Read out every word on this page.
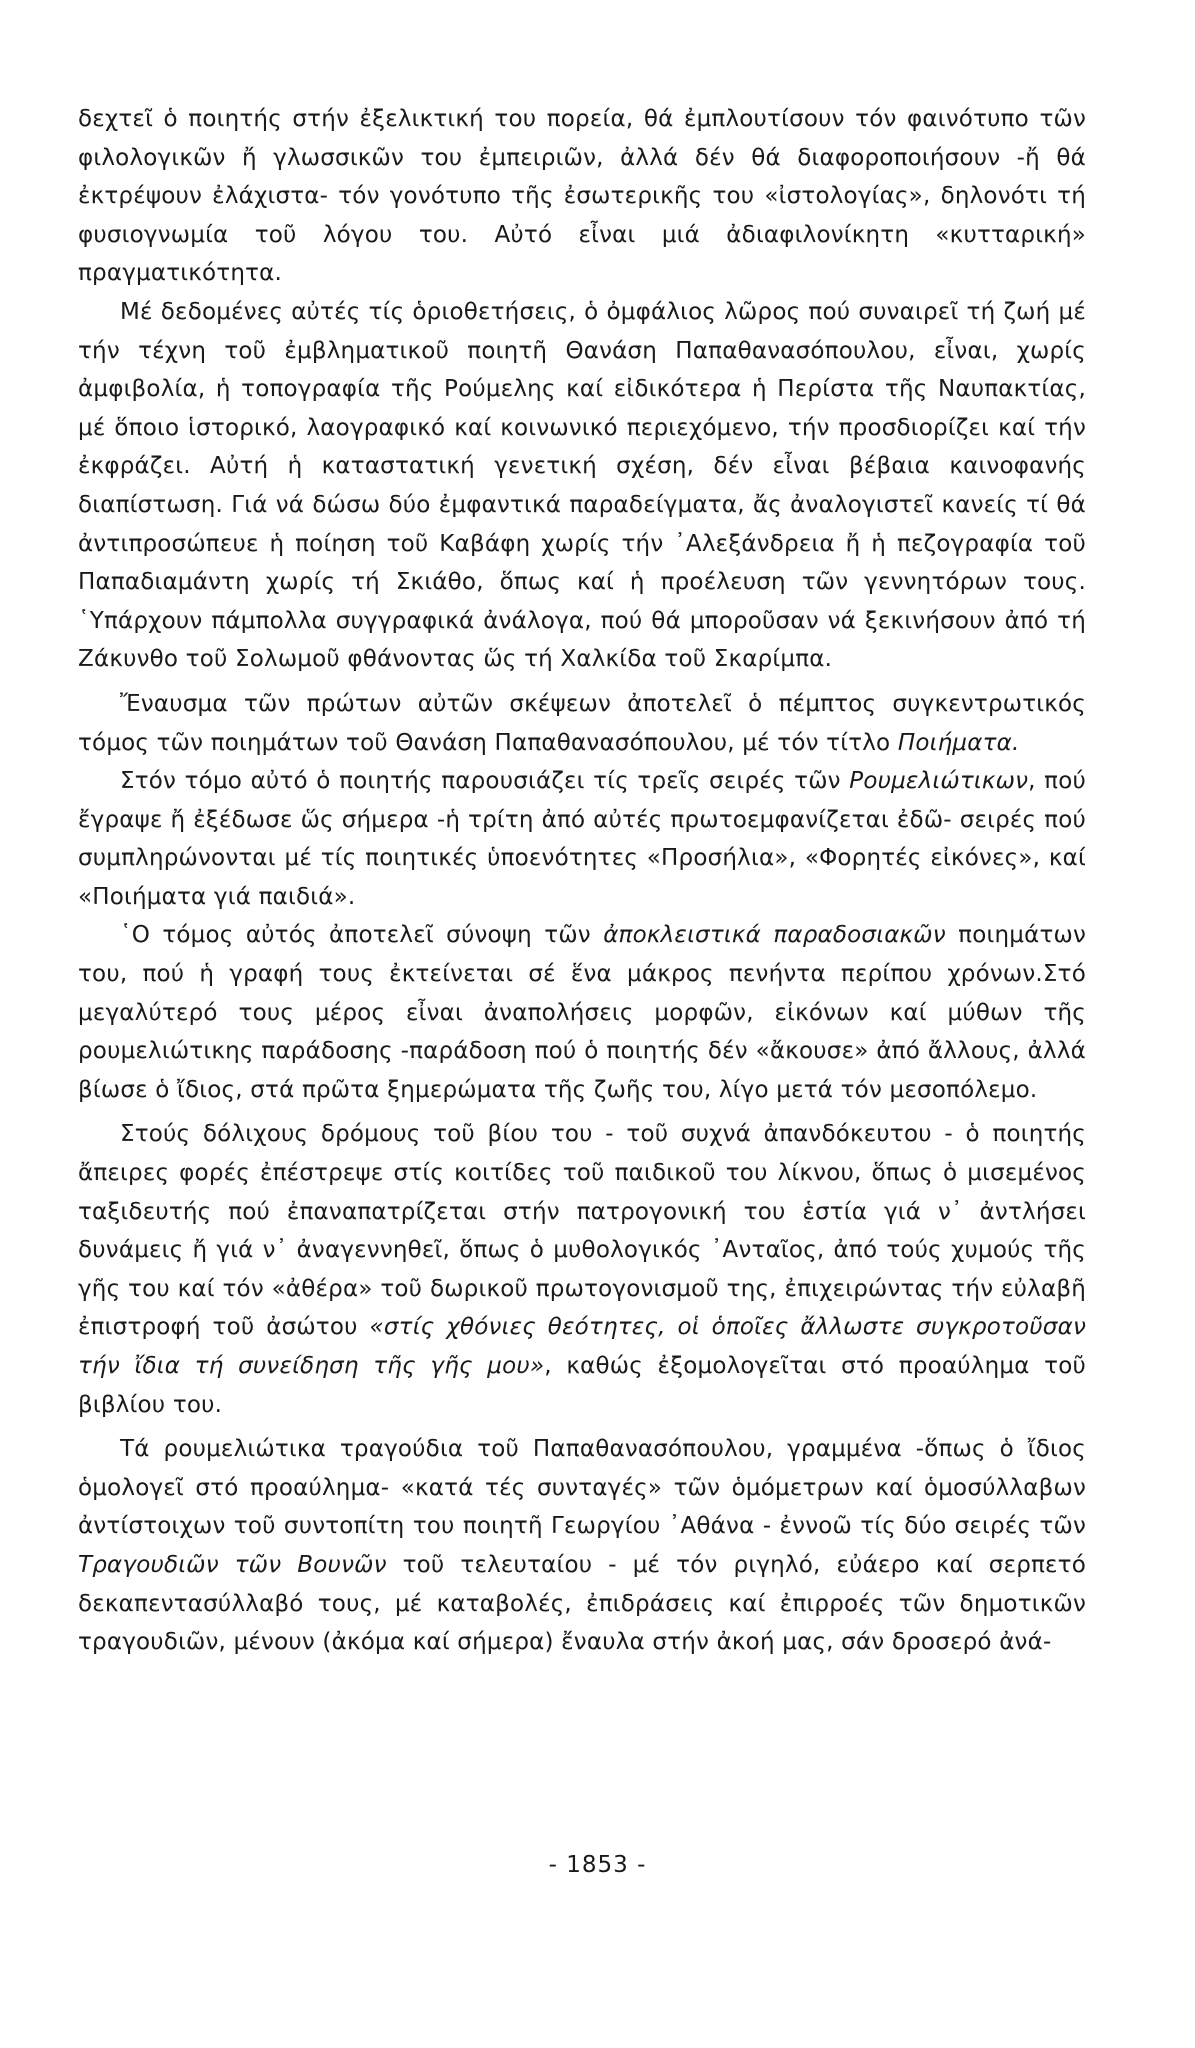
δεχτεῖ ὁ ποιητής στήν ἐξελικτική του πορεία, θά ἐμπλουτίσουν τόν φαινότυπο τῶν φιλολογικῶν ἤ γλωσσικῶν του ἐμπειριῶν, ἀλλά δέν θά διαφοροποιήσουν -ἤ θά ἐκτρέψουν ἐλάχιστα- τόν γονότυπο τῆς ἐσωτερικῆς του «ἰστολογίας», δηλονότι τή φυσιογνωμία τοῦ λόγου του. Αὐτό εἶναι μιά ἀδιαφιλονίκητη «κυτταρική» πραγματικότητα.

Μέ δεδομένες αὐτές τίς ὁριοθετήσεις, ὁ ὀμφάλιος λῶρος πού συναιρεῖ τή ζωή μέ τήν τέχνη τοῦ ἐμβληματικοῦ ποιητῆ Θανάση Παπαθανασόπουλου, εἶναι, χωρίς ἀμφιβολία, ἡ τοπογραφία τῆς Ρούμελης καί εἰδικότερα ἡ Περίστα τῆς Ναυπακτίας, μέ ὅποιο ἱστορικό, λαογραφικό καί κοινωνικό περιεχόμενο, τήν προσδιορίζει καί τήν ἐκφράζει. Αὐτή ἡ καταστατική γενετική σχέση, δέν εἶναι βέβαια καινοφανής διαπίστωση. Γιά νά δώσω δύο ἐμφαντικά παραδείγματα, ἄς ἀναλογιστεῖ κανείς τί θά ἀντιπροσώπευε ἡ ποίηση τοῦ Καβάφη χωρίς τήν ᾿Αλεξάνδρεια ἤ ἡ πεζογραφία τοῦ Παπαδιαμάντη χωρίς τή Σκιάθο, ὅπως καί ἡ προέλευση τῶν γεννητόρων τους. ῾Υπάρχουν πάμπολλα συγγραφικά ἀνάλογα, πού θά μποροῦσαν νά ξεκινήσουν ἀπό τή Ζάκυνθο τοῦ Σολωμοῦ φθάνοντας ὥς τή Χαλκίδα τοῦ Σκαρίμπα.

Ἔναυσμα τῶν πρώτων αὐτῶν σκέψεων ἀποτελεῖ ὁ πέμπτος συγκεντρωτικός τόμος τῶν ποιημάτων τοῦ Θανάση Παπαθανασόπουλου, μέ τόν τίτλο Ποιήματα.

Στόν τόμο αὐτό ὁ ποιητής παρουσιάζει τίς τρεῖς σειρές τῶν Ρουμελιώτικων, πού ἔγραψε ἤ ἐξέδωσε ὥς σήμερα -ἡ τρίτη ἀπό αὐτές πρωτοεμφανίζεται ἐδῶ- σειρές πού συμπληρώνονται μέ τίς ποιητικές ὑποενότητες «Προσήλια», «Φορητές εἰκόνες», καί «Ποιήματα γιά παιδιά».

῾Ο τόμος αὐτός ἀποτελεῖ σύνοψη τῶν ἀποκλειστικά παραδοσιακῶν ποιημάτων του, πού ἡ γραφή τους ἐκτείνεται σέ ἕνα μάκρος πενήντα περίπου χρόνων.Στό μεγαλύτερό τους μέρος εἶναι ἀναπολήσεις μορφῶν, εἰκόνων καί μύθων τῆς ρουμελιώτικης παράδοσης -παράδοση πού ὁ ποιητής δέν «ἄκουσε» ἀπό ἄλλους, ἀλλά βίωσε ὁ ἴδιος, στά πρῶτα ξημερώματα τῆς ζωῆς του, λίγο μετά τόν μεσοπόλεμο.

Στούς δόλιχους δρόμους τοῦ βίου του - τοῦ συχνά ἀπανδόκευτου - ὁ ποιητής ἄπειρες φορές ἐπέστρεψε στίς κοιτίδες τοῦ παιδικοῦ του λίκνου, ὅπως ὁ μισεμένος ταξιδευτής πού ἐπαναπατρίζεται στήν πατρογονική του ἑστία γιά ν᾿ ἀντλήσει δυνάμεις ἤ γιά ν᾿ ἀναγεννηθεῖ, ὅπως ὁ μυθολογικός ᾿Ανταῖος, ἀπό τούς χυμούς τῆς γῆς του καί τόν «ἀθέρα» τοῦ δωρικοῦ πρωτογονισμοῦ της, ἐπιχειρώντας τήν εὐλαβῆ ἐπιστροφή τοῦ ἀσώτου «στίς χθόνιες θεότητες, οἱ ὁποῖες ἄλλωστε συγκροτοῦσαν τήν ἴδια τή συνείδηση τῆς γῆς μου», καθώς ἐξομολογεῖται στό προαύλημα τοῦ βιβλίου του.

Τά ρουμελιώτικα τραγούδια τοῦ Παπαθανασόπουλου, γραμμένα -ὅπως ὁ ἴδιος ὁμολογεῖ στό προαύλημα- «κατά τές συνταγές» τῶν ὁμόμετρων καί ὁμοσύλλαβων ἀντίστοιχων τοῦ συντοπίτη του ποιητῆ Γεωργίου ᾿Αθάνα - ἐννοῶ τίς δύο σειρές τῶν Τραγουδιῶν τῶν Βουνῶν τοῦ τελευταίου - μέ τόν ριγηλό, εὐάερο καί σερπετό δεκαπεντασύλλαβό τους, μέ καταβολές, ἐπιδράσεις καί ἐπιρροές τῶν δημοτικῶν τραγουδιῶν, μένουν (ἀκόμα καί σήμερα) ἔναυλα στήν ἀκοή μας, σάν δροσερό ἀνά-

- 1853 -
